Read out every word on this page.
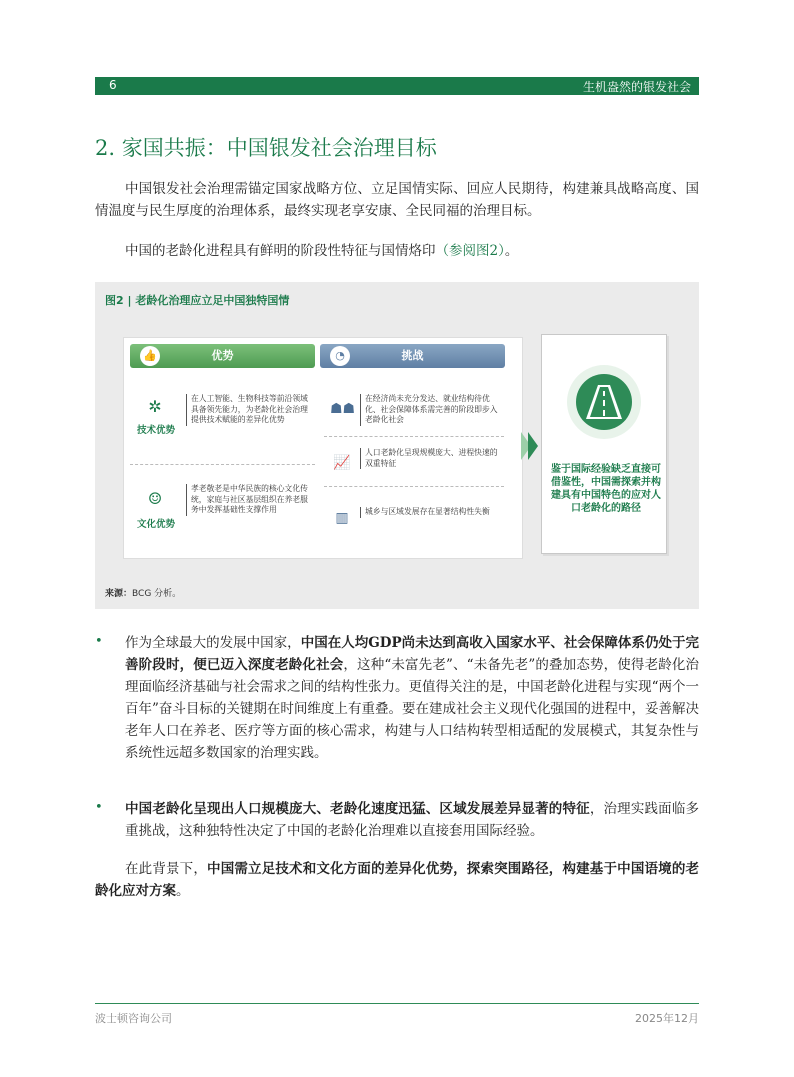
6	生机盎然的银发社会
2. 家国共振：中国银发社会治理目标

中国银发社会治理需锚定国家战略方位、立足国情实际、回应人民期待，构建兼具战略高度、国情温度与民生厚度的治理体系，最终实现老享安康、全民同福的治理目标。

中国的老龄化进程具有鲜明的阶段性特征与国情烙印（参阅图2）。

图2 | 老龄化治理应立足中国独特国情
👍	优势	◔	挑战
✲
技术优势
在人工智能、生物科技等前沿领域具备领先能力，为老龄化社会治理提供技术赋能的差异化优势
☺
文化优势
孝老敬老是中华民族的核心文化传统，家庭与社区基层组织在养老服务中发挥基础性支撑作用
☗☗
在经济尚未充分发达、就业结构待优化、社会保障体系需完善的阶段即步入老龄化社会
📈
人口老龄化呈现规模庞大、进程快速的双重特征
▥	城乡与区域发展存在显著结构性失衡
鉴于国际经验缺乏直接可借鉴性，中国需探索并构建具有中国特色的应对人口老龄化的路径
来源：BCG 分析。
• 作为全球最大的发展中国家，中国在人均GDP尚未达到高收入国家水平、社会保障体系仍处于完善阶段时，便已迈入深度老龄化社会，这种“未富先老”、“未备先老”的叠加态势，使得老龄化治理面临经济基础与社会需求之间的结构性张力。更值得关注的是，中国老龄化进程与实现“两个一百年”奋斗目标的关键期在时间维度上有重叠。要在建成社会主义现代化强国的进程中，妥善解决老年人口在养老、医疗等方面的核心需求，构建与人口结构转型相适配的发展模式，其复杂性与系统性远超多数国家的治理实践。

• 中国老龄化呈现出人口规模庞大、老龄化速度迅猛、区域发展差异显著的特征，治理实践面临多重挑战，这种独特性决定了中国的老龄化治理难以直接套用国际经验。

在此背景下，中国需立足技术和文化方面的差异化优势，探索突围路径，构建基于中国语境的老龄化应对方案。

波士顿咨询公司	2025年12月
